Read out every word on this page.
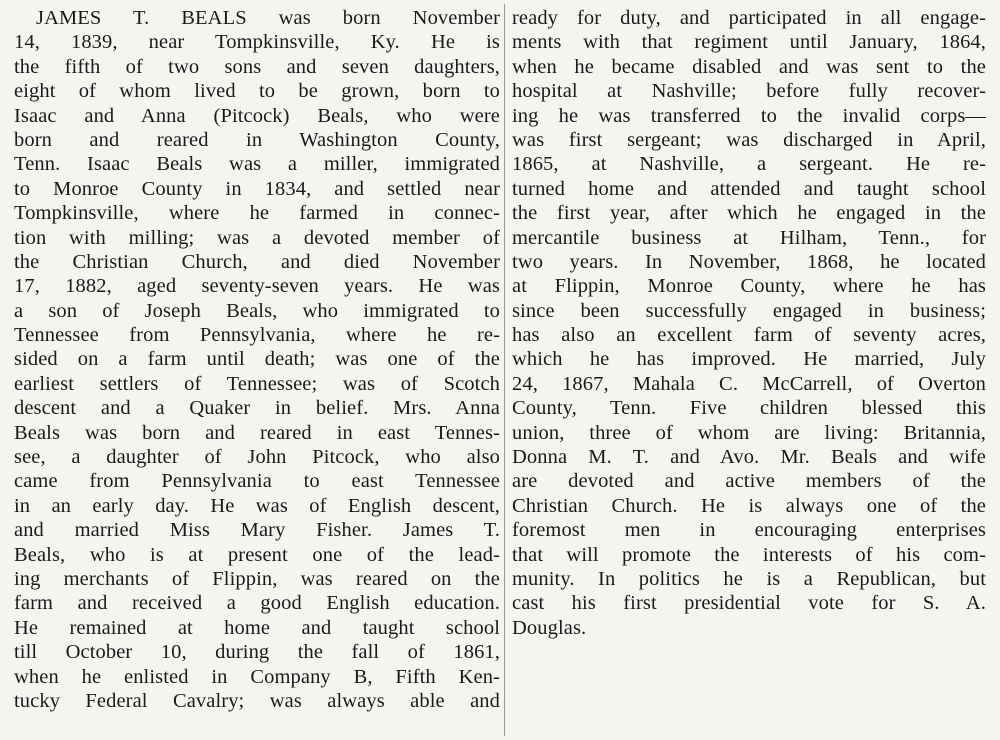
JAMES T. BEALS was born November
14, 1839, near Tompkinsville, Ky. He is
the fifth of two sons and seven daughters,
eight of whom lived to be grown, born to
Isaac and Anna (Pitcock) Beals, who were
born and reared in Washington County,
Tenn. Isaac Beals was a miller, immigrated
to Monroe County in 1834, and settled near
Tompkinsville, where he farmed in connec-
tion with milling; was a devoted member of
the Christian Church, and died November
17, 1882, aged seventy-seven years. He was
a son of Joseph Beals, who immigrated to
Tennessee from Pennsylvania, where he re-
sided on a farm until death; was one of the
earliest settlers of Tennessee; was of Scotch
descent and a Quaker in belief. Mrs. Anna
Beals was born and reared in east Tennes-
see, a daughter of John Pitcock, who also
came from Pennsylvania to east Tennessee
in an early day. He was of English descent,
and married Miss Mary Fisher. James T.
Beals, who is at present one of the lead-
ing merchants of Flippin, was reared on the
farm and received a good English education.
He remained at home and taught school
till October 10, during the fall of 1861,
when he enlisted in Company B, Fifth Ken-
tucky Federal Cavalry; was always able and
ready for duty, and participated in all engage-
ments with that regiment until January, 1864,
when he became disabled and was sent to the
hospital at Nashville; before fully recover-
ing he was transferred to the invalid corps—
was first sergeant; was discharged in April,
1865, at Nashville, a sergeant. He re-
turned home and attended and taught school
the first year, after which he engaged in the
mercantile business at Hilham, Tenn., for
two years. In November, 1868, he located
at Flippin, Monroe County, where he has
since been successfully engaged in business;
has also an excellent farm of seventy acres,
which he has improved. He married, July
24, 1867, Mahala C. McCarrell, of Overton
County, Tenn. Five children blessed this
union, three of whom are living: Britannia,
Donna M. T. and Avo. Mr. Beals and wife
are devoted and active members of the
Christian Church. He is always one of the
foremost men in encouraging enterprises
that will promote the interests of his com-
munity. In politics he is a Republican, but
cast his first presidential vote for S. A.
Douglas.
